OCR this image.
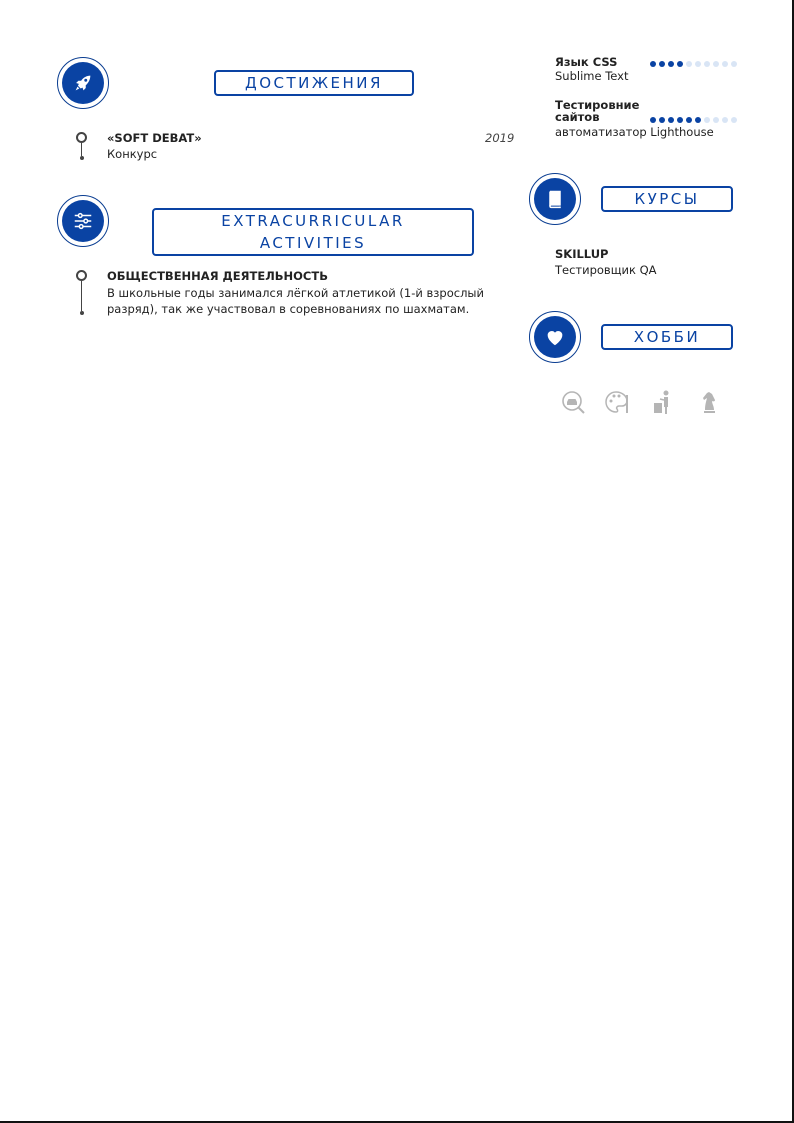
ДОСТИЖЕНИЯ
«SOFT DEBAT»
Конкурс
2019
EXTRACURRICULAR ACTIVITIES
ОБЩЕСТВЕННАЯ ДЕЯТЕЛЬНОСТЬ
В школьные годы занимался лёгкой атлетикой (1-й взрослый разряд), так же участвовал в соревнованиях по шахматам.
Язык CSS
Sublime Text
Тестировние сайтов
автоматизатор Lighthouse
КУРСЫ
SKILLUP
Тестировщик QA
ХОББИ
